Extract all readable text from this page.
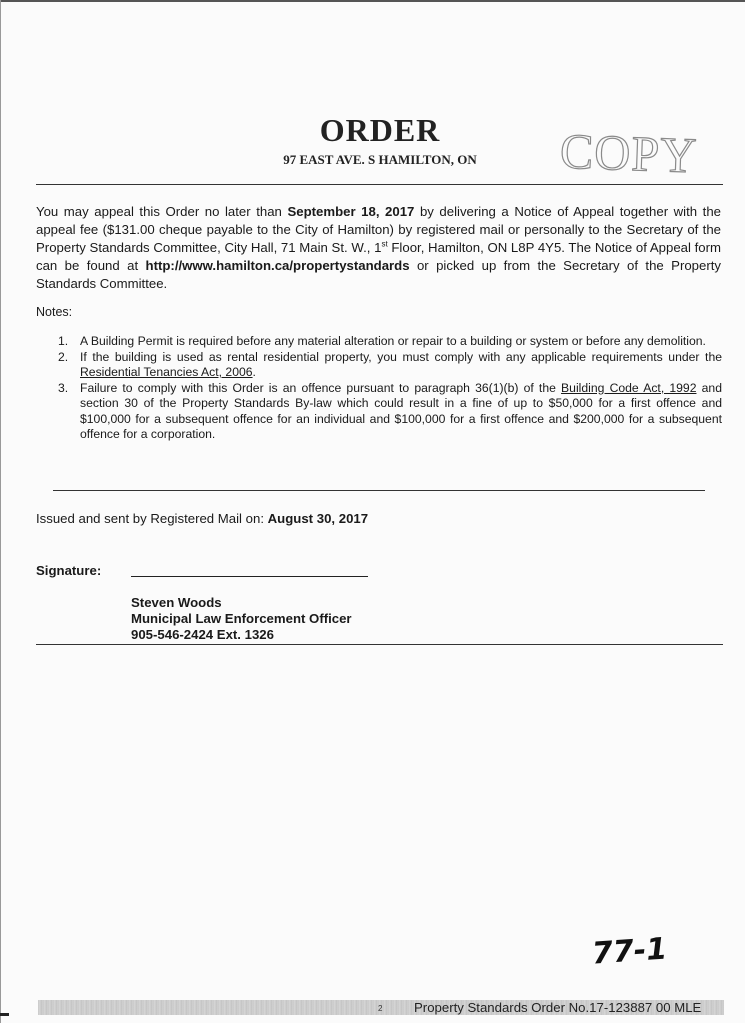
ORDER
97 EAST AVE. S HAMILTON, ON	COPY
You may appeal this Order no later than September 18, 2017 by delivering a Notice of Appeal together with the appeal fee ($131.00 cheque payable to the City of Hamilton) by registered mail or personally to the Secretary of the Property Standards Committee, City Hall, 71 Main St. W., 1st Floor, Hamilton, ON L8P 4Y5. The Notice of Appeal form can be found at http://www.hamilton.ca/propertystandards or picked up from the Secretary of the Property Standards Committee.
Notes:
1. A Building Permit is required before any material alteration or repair to a building or system or before any demolition.
2. If the building is used as rental residential property, you must comply with any applicable requirements under the Residential Tenancies Act, 2006.
3. Failure to comply with this Order is an offence pursuant to paragraph 36(1)(b) of the Building Code Act, 1992 and section 30 of the Property Standards By-law which could result in a fine of up to $50,000 for a first offence and $100,000 for a subsequent offence for an individual and $100,000 for a first offence and $200,000 for a subsequent offence for a corporation.
Issued and sent by Registered Mail on: August 30, 2017
Signature:
Steven Woods
Municipal Law Enforcement Officer
905-546-2424 Ext. 1326
77-1
2 Property Standards Order No.17-123887 00 MLE
